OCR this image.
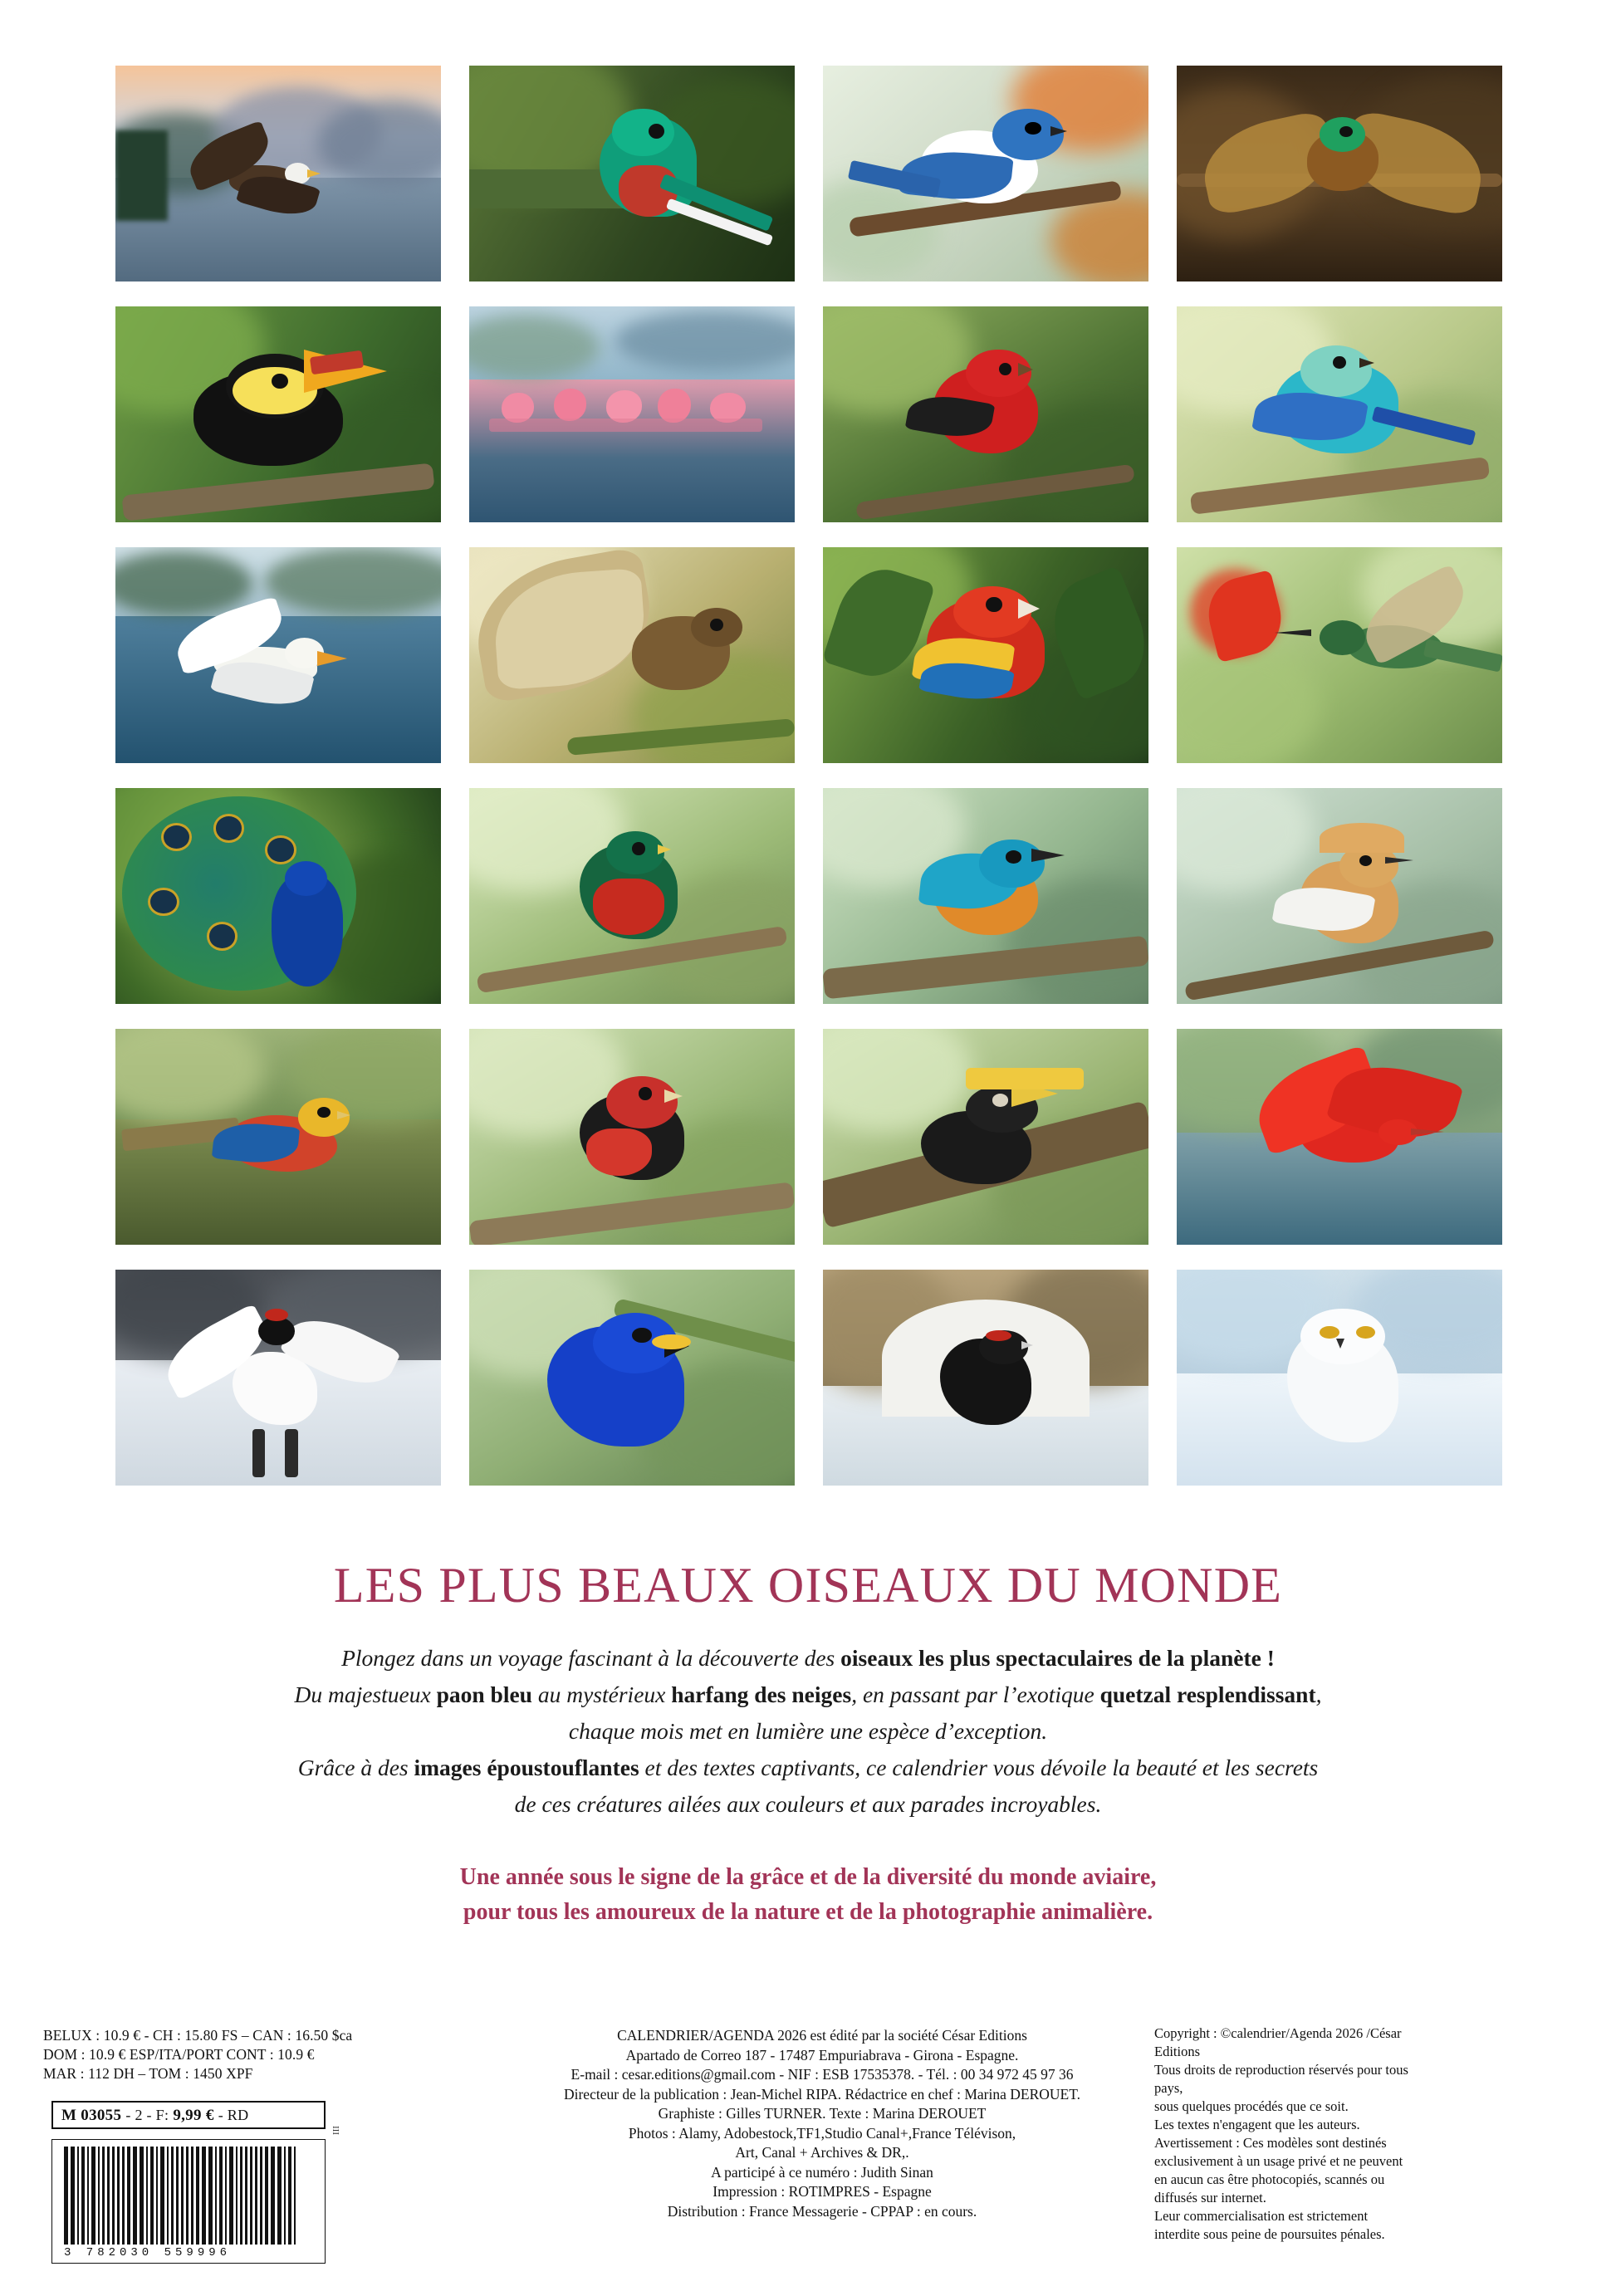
LES PLUS BEAUX OISEAUX DU MONDE
Plongez dans un voyage fascinant à la découverte des oiseaux les plus spectaculaires de la planète !
Du majestueux paon bleu au mystérieux harfang des neiges, en passant par l’exotique quetzal resplendissant,
chaque mois met en lumière une espèce d’exception.
Grâce à des images époustouflantes et des textes captivants, ce calendrier vous dévoile la beauté et les secrets
de ces créatures ailées aux couleurs et aux parades incroyables.
Une année sous le signe de la grâce et de la diversité du monde aviaire,
pour tous les amoureux de la nature et de la photographie animalière.
BELUX : 10.9 € - CH : 15.80 FS – CAN : 16.50 $ca
DOM : 10.9 € ESP/ITA/PORT CONT : 10.9 €
MAR : 112 DH – TOM : 1450 XPF
M 03055 - 2 - F: 9,99 € - RD
3 782030 559996
III
CALENDRIER/AGENDA 2026 est édité par la société César Editions
Apartado de Correo 187 - 17487 Empuriabrava - Girona - Espagne.
E-mail : cesar.editions@gmail.com - NIF : ESB 17535378. - Tél. : 00 34 972 45 97 36
Directeur de la publication : Jean-Michel RIPA. Rédactrice en chef : Marina DEROUET.
Graphiste : Gilles TURNER. Texte : Marina DEROUET
Photos : Alamy, Adobestock,TF1,Studio Canal+,France Télévison,
Art, Canal + Archives & DR,.
A participé à ce numéro : Judith Sinan
Impression : ROTIMPRES - Espagne
Distribution : France Messagerie - CPPAP : en cours.
Copyright : ©calendrier/Agenda 2026 /César Editions
Tous droits de reproduction réservés pour tous pays,
sous quelques procédés que ce soit.
Les textes n'engagent que les auteurs.
Avertissement : Ces modèles sont destinés
exclusivement à un usage privé et ne peuvent
en aucun cas être photocopiés, scannés ou
diffusés sur internet.
Leur commercialisation est strictement
interdite sous peine de poursuites pénales.
